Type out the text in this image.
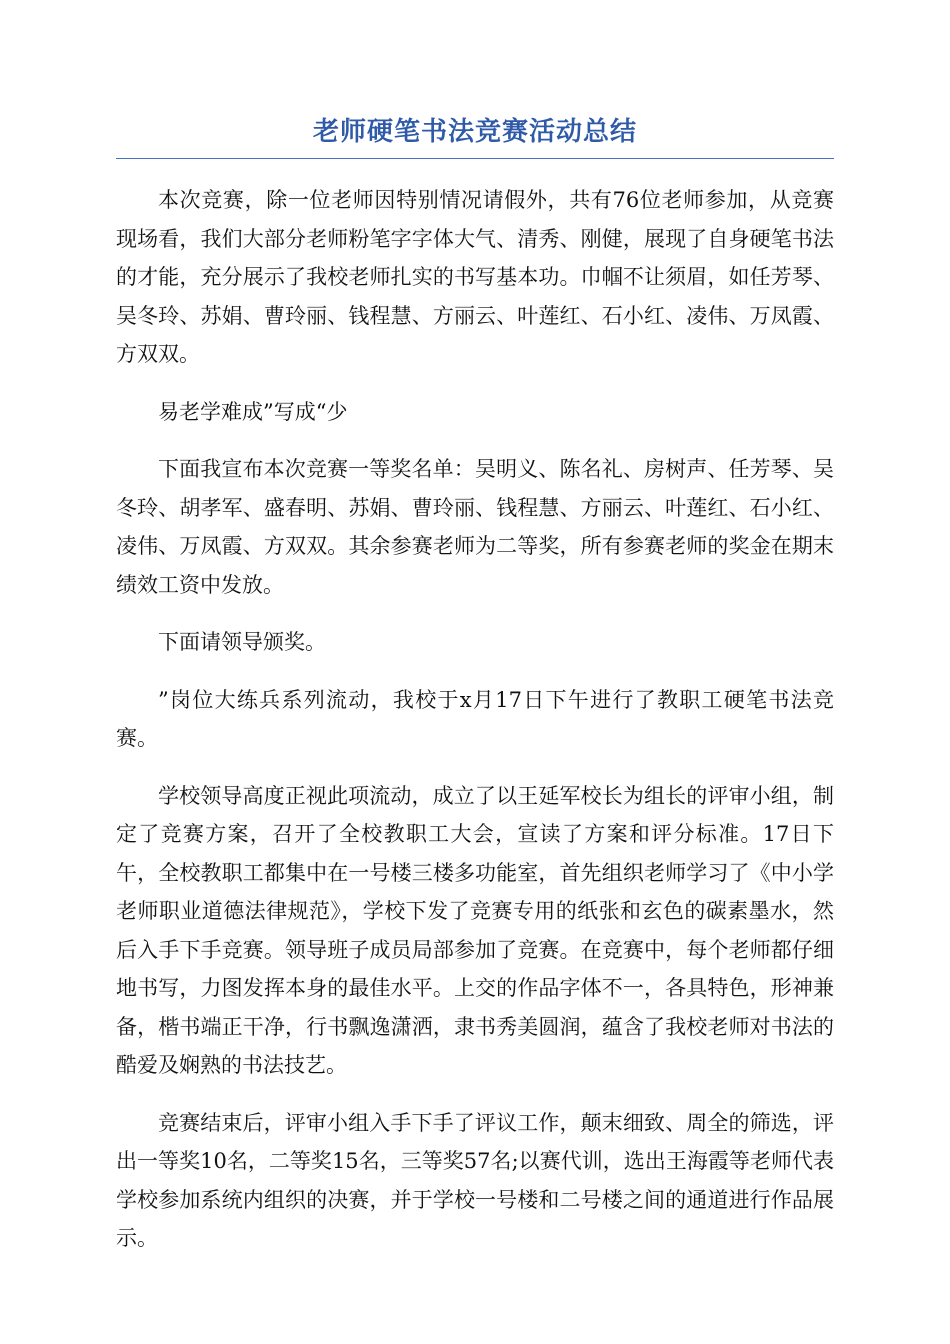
老师硬笔书法竞赛活动总结

本次竞赛，除一位老师因特别情况请假外，共有76位老师参加，从竞赛现场看，我们大部分老师粉笔字字体大气、清秀、刚健，展现了自身硬笔书法的才能，充分展示了我校老师扎实的书写基本功。巾帼不让须眉，如任芳琴、吴冬玲、苏娟、曹玲丽、钱程慧、方丽云、叶莲红、石小红、凌伟、万凤霞、方双双。

易老学难成”写成“少

下面我宣布本次竞赛一等奖名单：吴明义、陈名礼、房树声、任芳琴、吴冬玲、胡孝军、盛春明、苏娟、曹玲丽、钱程慧、方丽云、叶莲红、石小红、凌伟、万凤霞、方双双。其余参赛老师为二等奖，所有参赛老师的奖金在期末绩效工资中发放。

下面请领导颁奖。

”岗位大练兵系列流动，我校于x月17日下午进行了教职工硬笔书法竞赛。

学校领导高度正视此项流动，成立了以王延军校长为组长的评审小组，制定了竞赛方案，召开了全校教职工大会，宣读了方案和评分标准。17日下午，全校教职工都集中在一号楼三楼多功能室，首先组织老师学习了《中小学老师职业道德法律规范》，学校下发了竞赛专用的纸张和玄色的碳素墨水，然后入手下手竞赛。领导班子成员局部参加了竞赛。在竞赛中，每个老师都仔细地书写，力图发挥本身的最佳水平。上交的作品字体不一，各具特色，形神兼备，楷书端正干净，行书飘逸潇洒，隶书秀美圆润，蕴含了我校老师对书法的酷爱及娴熟的书法技艺。

竞赛结束后，评审小组入手下手了评议工作，颠末细致、周全的筛选，评出一等奖10名，二等奖15名，三等奖57名;以赛代训，选出王海霞等老师代表学校参加系统内组织的决赛，并于学校一号楼和二号楼之间的通道进行作品展示。
